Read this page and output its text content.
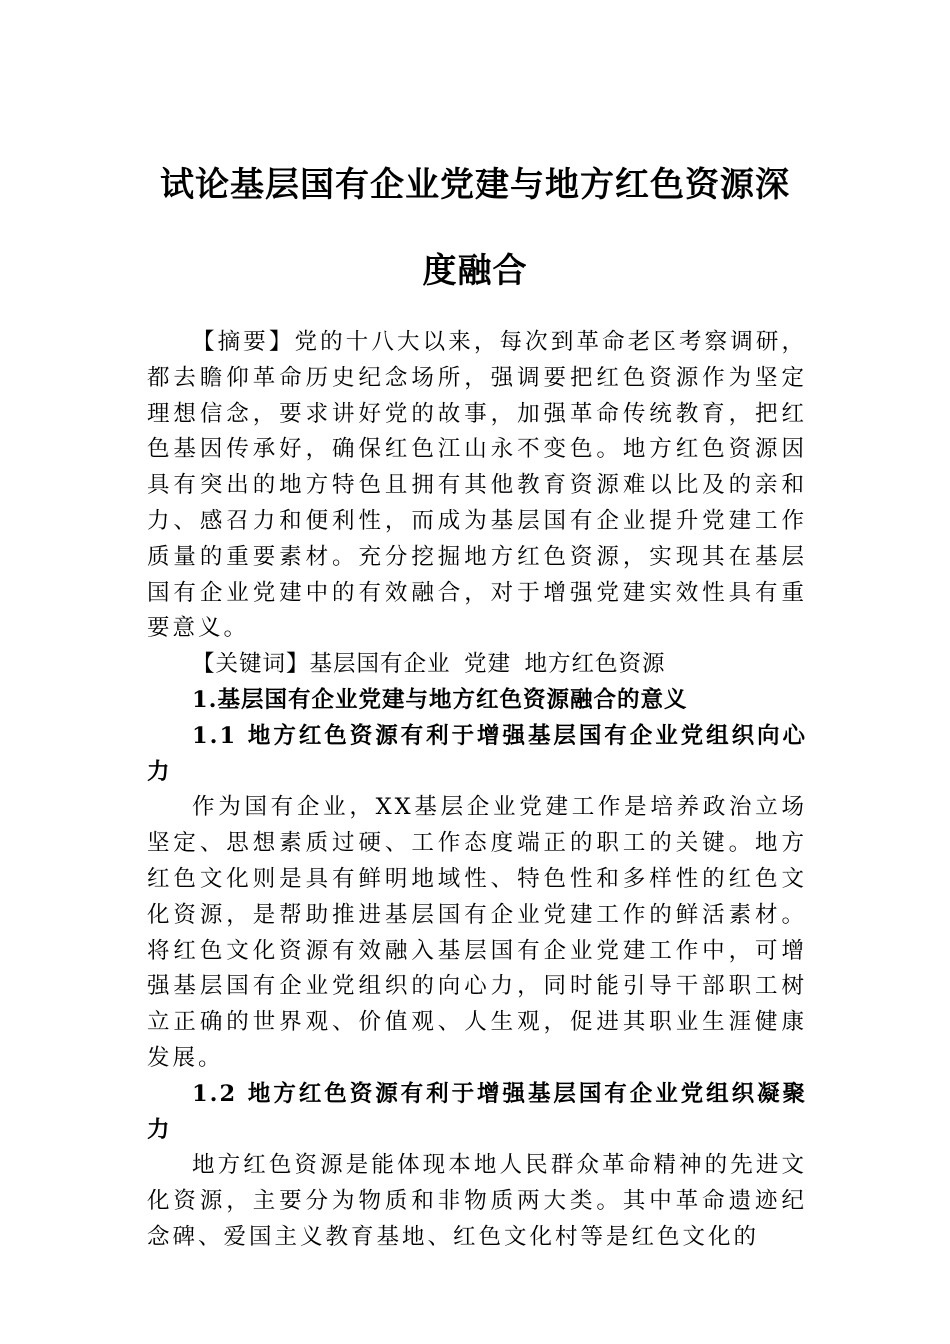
试论基层国有企业党建与地方红色资源深
度融合

【摘要】党的十八大以来，每次到革命老区考察调研，都去瞻仰革命历史纪念场所，强调要把红色资源作为坚定理想信念，要求讲好党的故事，加强革命传统教育，把红色基因传承好，确保红色江山永不变色。地方红色资源因具有突出的地方特色且拥有其他教育资源难以比及的亲和力、感召力和便利性，而成为基层国有企业提升党建工作质量的重要素材。充分挖掘地方红色资源，实现其在基层国有企业党建中的有效融合，对于增强党建实效性具有重要意义。

【关键词】基层国有企业 党建 地方红色资源

1.基层国有企业党建与地方红色资源融合的意义

1.1 地方红色资源有利于增强基层国有企业党组织向心力

作为国有企业，XX基层企业党建工作是培养政治立场坚定、思想素质过硬、工作态度端正的职工的关键。地方红色文化则是具有鲜明地域性、特色性和多样性的红色文化资源，是帮助推进基层国有企业党建工作的鲜活素材。将红色文化资源有效融入基层国有企业党建工作中，可增强基层国有企业党组织的向心力，同时能引导干部职工树立正确的世界观、价值观、人生观，促进其职业生涯健康发展。

1.2 地方红色资源有利于增强基层国有企业党组织凝聚力

地方红色资源是能体现本地人民群众革命精神的先进文化资源，主要分为物质和非物质两大类。其中革命遗迹纪念碑、爱国主义教育基地、红色文化村等是红色文化的
